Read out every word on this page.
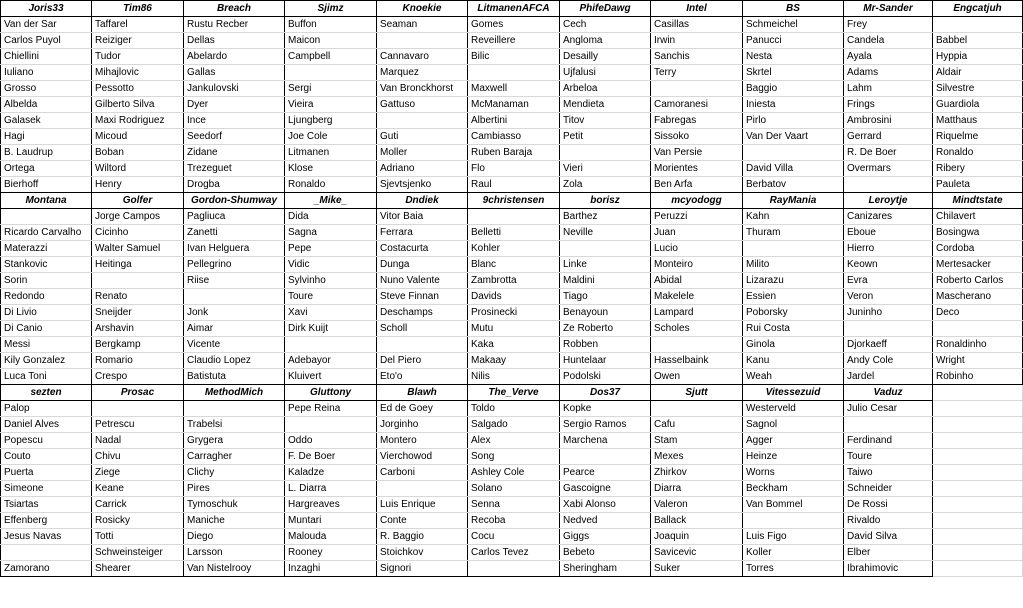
Joris33	Tim86	Breach	Sjimz	Knoekie	LitmanenAFCA	PhifeDawg	Intel	BS	Mr-Sander	Engcatjuh
Van der Sar	Taffarel	Rustu Recber	Buffon	Seaman	Gomes	Cech	Casillas	Schmeichel	Frey	
Carlos Puyol	Reiziger	Dellas	Maicon		Reveillere	Angloma	Irwin	Panucci	Candela	Babbel
Chiellini	Tudor	Abelardo	Campbell	Cannavaro	Bilic	Desailly	Sanchis	Nesta	Ayala	Hyppia
Iuliano	Mihajlovic	Gallas		Marquez		Ujfalusi	Terry	Skrtel	Adams	Aldair
Grosso	Pessotto	Jankulovski	Sergi	Van Bronckhorst	Maxwell	Arbeloa		Baggio	Lahm	Silvestre
Albelda	Gilberto Silva	Dyer	Vieira	Gattuso	McManaman	Mendieta	Camoranesi	Iniesta	Frings	Guardiola
Galasek	Maxi Rodriguez	Ince	Ljungberg		Albertini	Titov	Fabregas	Pirlo	Ambrosini	Matthaus
Hagi	Micoud	Seedorf	Joe Cole	Guti	Cambiasso	Petit	Sissoko	Van Der Vaart	Gerrard	Riquelme
B. Laudrup	Boban	Zidane	Litmanen	Moller	Ruben Baraja		Van Persie		R. De Boer	Ronaldo
Ortega	Wiltord	Trezeguet	Klose	Adriano	Flo	Vieri	Morientes	David Villa	Overmars	Ribery
Bierhoff	Henry	Drogba	Ronaldo	Sjevtsjenko	Raul	Zola	Ben Arfa	Berbatov		Pauleta
Montana	Golfer	Gordon-Shumway	_Mike_	Dndiek	9christensen	borisz	mcyodogg	RayMania	Leroytje	Mindtstate
	Jorge Campos	Pagliuca	Dida	Vitor Baia		Barthez	Peruzzi	Kahn	Canizares	Chilavert
Ricardo Carvalho	Cicinho	Zanetti	Sagna	Ferrara	Belletti	Neville	Juan	Thuram	Eboue	Bosingwa
Materazzi	Walter Samuel	Ivan Helguera	Pepe	Costacurta	Kohler		Lucio		Hierro	Cordoba
Stankovic	Heitinga	Pellegrino	Vidic	Dunga	Blanc	Linke	Monteiro	Milito	Keown	Mertesacker
Sorin		Riise	Sylvinho	Nuno Valente	Zambrotta	Maldini	Abidal	Lizarazu	Evra	Roberto Carlos
Redondo	Renato		Toure	Steve Finnan	Davids	Tiago	Makelele	Essien	Veron	Mascherano
Di Livio	Sneijder	Jonk	Xavi	Deschamps	Prosinecki	Benayoun	Lampard	Poborsky	Juninho	Deco
Di Canio	Arshavin	Aimar	Dirk Kuijt	Scholl	Mutu	Ze Roberto	Scholes	Rui Costa		
Messi	Bergkamp	Vicente			Kaka	Robben		Ginola	Djorkaeff	Ronaldinho
Kily Gonzalez	Romario	Claudio Lopez	Adebayor	Del Piero	Makaay	Huntelaar	Hasselbaink	Kanu	Andy Cole	Wright
Luca Toni	Crespo	Batistuta	Kluivert	Eto'o	Nilis	Podolski	Owen	Weah	Jardel	Robinho
sezten	Prosac	MethodMich	Gluttony	Blawh	The_Verve	Dos37	Sjutt	Vitessezuid	Vaduz	
Palop			Pepe Reina	Ed de Goey	Toldo	Kopke		Westerveld	Julio Cesar	
Daniel Alves	Petrescu	Trabelsi		Jorginho	Salgado	Sergio Ramos	Cafu	Sagnol		
Popescu	Nadal	Grygera	Oddo	Montero	Alex	Marchena	Stam	Agger	Ferdinand	
Couto	Chivu	Carragher	F. De Boer	Vierchowod	Song		Mexes	Heinze	Toure	
Puerta	Ziege	Clichy	Kaladze	Carboni	Ashley Cole	Pearce	Zhirkov	Worns	Taiwo	
Simeone	Keane	Pires	L. Diarra		Solano	Gascoigne	Diarra	Beckham	Schneider	
Tsiartas	Carrick	Tymoschuk	Hargreaves	Luis Enrique	Senna	Xabi Alonso	Valeron	Van Bommel	De Rossi	
Effenberg	Rosicky	Maniche	Muntari	Conte	Recoba	Nedved	Ballack		Rivaldo	
Jesus Navas	Totti	Diego	Malouda	R. Baggio	Cocu	Giggs	Joaquin	Luis Figo	David Silva	
	Schweinsteiger	Larsson	Rooney	Stoichkov	Carlos Tevez	Bebeto	Savicevic	Koller	Elber	
Zamorano	Shearer	Van Nistelrooy	Inzaghi	Signori		Sheringham	Suker	Torres	Ibrahimovic	
